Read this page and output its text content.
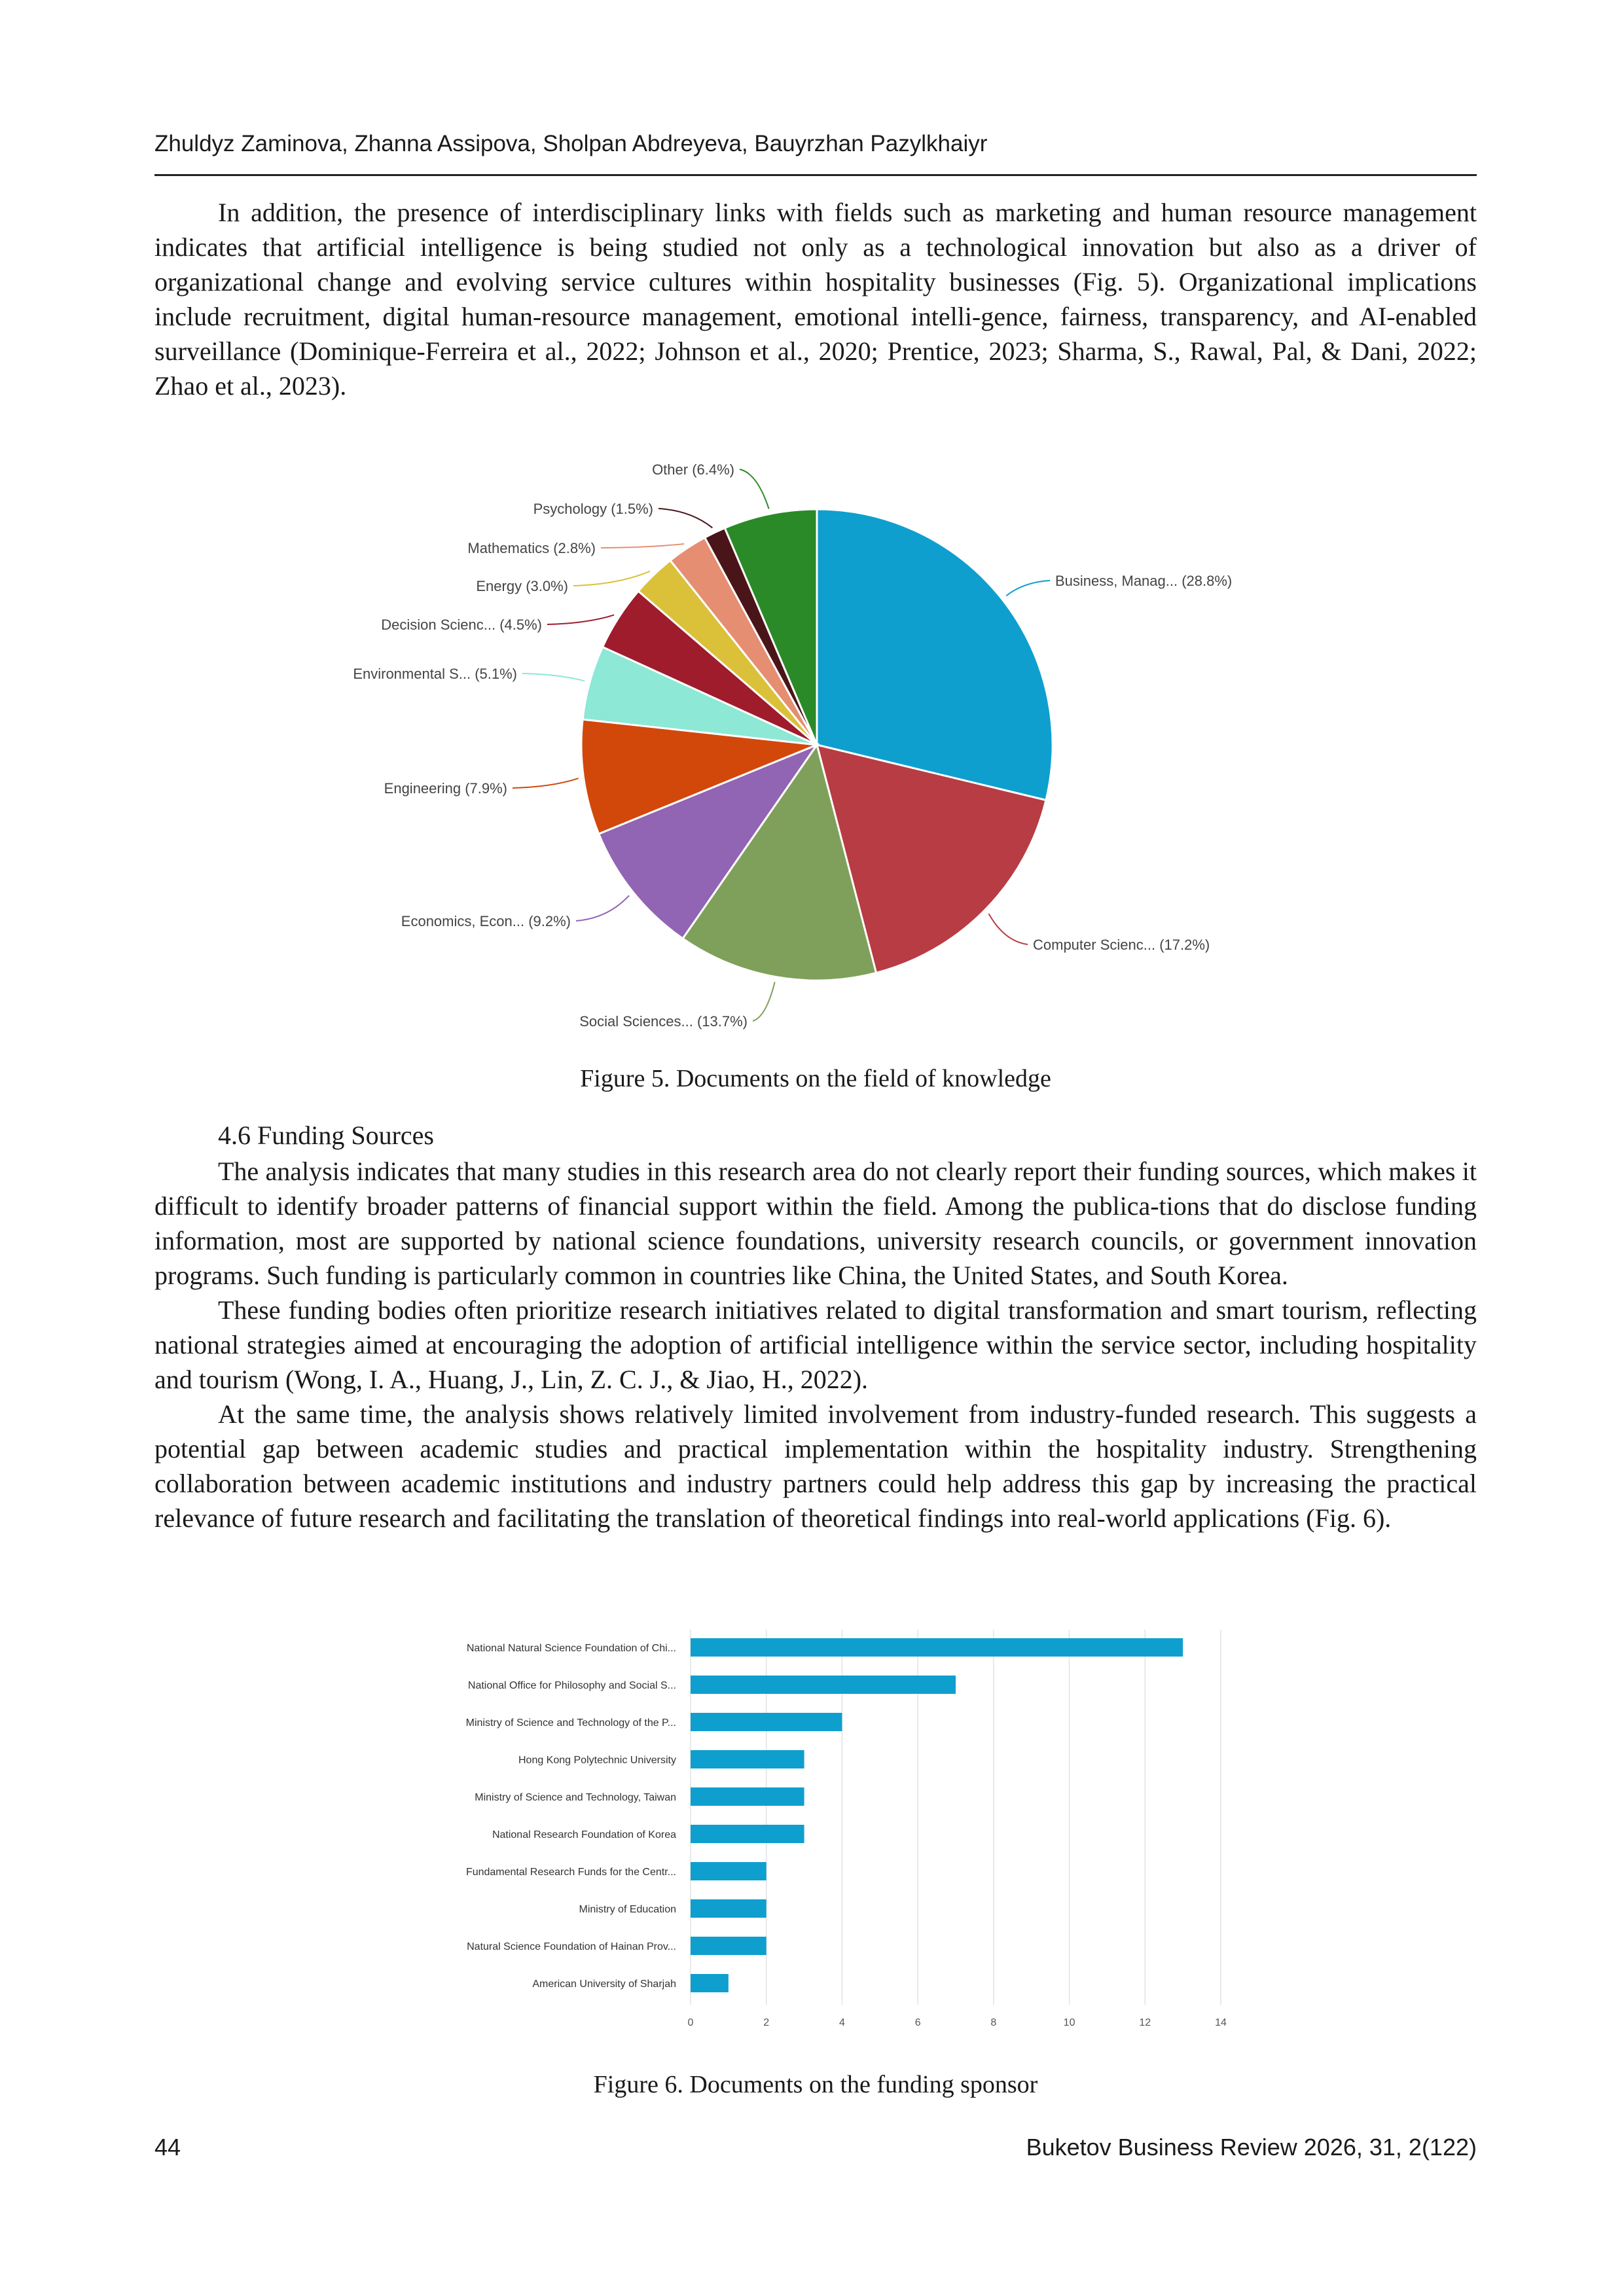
Zhuldyz Zaminova, Zhanna Assipova, Sholpan Abdreyeva, Bauyrzhan Pazylkhaiyr

In addition, the presence of interdisciplinary links with fields such as marketing and human resource management indicates that artificial intelligence is being studied not only as a technological innovation but also as a driver of organizational change and evolving service cultures within hospitality businesses (Fig. 5). Organizational implications include recruitment, digital human-resource management, emotional intelli-gence, fairness, transparency, and AI-enabled surveillance (Dominique-Ferreira et al., 2022; Johnson et al., 2020; Prentice, 2023; Sharma, S., Rawal, Pal, & Dani, 2022; Zhao et al., 2023).

Business, Manag... (28.8%)
Computer Scienc... (17.2%)
Social Sciences... (13.7%)
Economics, Econ... (9.2%)
Engineering (7.9%)
Environmental S... (5.1%)
Decision Scienc... (4.5%)
Energy (3.0%)
Mathematics (2.8%)
Psychology (1.5%)
Other (6.4%)
Figure 5. Documents on the field of knowledge
4.6 Funding Sources

The analysis indicates that many studies in this research area do not clearly report their funding sources, which makes it difficult to identify broader patterns of financial support within the field. Among the publica-tions that do disclose funding information, most are supported by national science foundations, university research councils, or government innovation programs. Such funding is particularly common in countries like China, the United States, and South Korea.

These funding bodies often prioritize research initiatives related to digital transformation and smart tourism, reflecting national strategies aimed at encouraging the adoption of artificial intelligence within the service sector, including hospitality and tourism (Wong, I. A., Huang, J., Lin, Z. C. J., & Jiao, H., 2022).

At the same time, the analysis shows relatively limited involvement from industry-funded research. This suggests a potential gap between academic studies and practical implementation within the hospitality industry. Strengthening collaboration between academic institutions and industry partners could help address this gap by increasing the practical relevance of future research and facilitating the translation of theoretical findings into real-world applications (Fig. 6).

0	2	4	6	8	10	12	14
National Natural Science Foundation of Chi...
National Office for Philosophy and Social S...
Ministry of Science and Technology of the P...
Hong Kong Polytechnic University
Ministry of Science and Technology, Taiwan
National Research Foundation of Korea
Fundamental Research Funds for the Centr...
Ministry of Education
Natural Science Foundation of Hainan Prov...
American University of Sharjah
Figure 6. Documents on the funding sponsor
44	Buketov Business Review 2026, 31, 2(122)
